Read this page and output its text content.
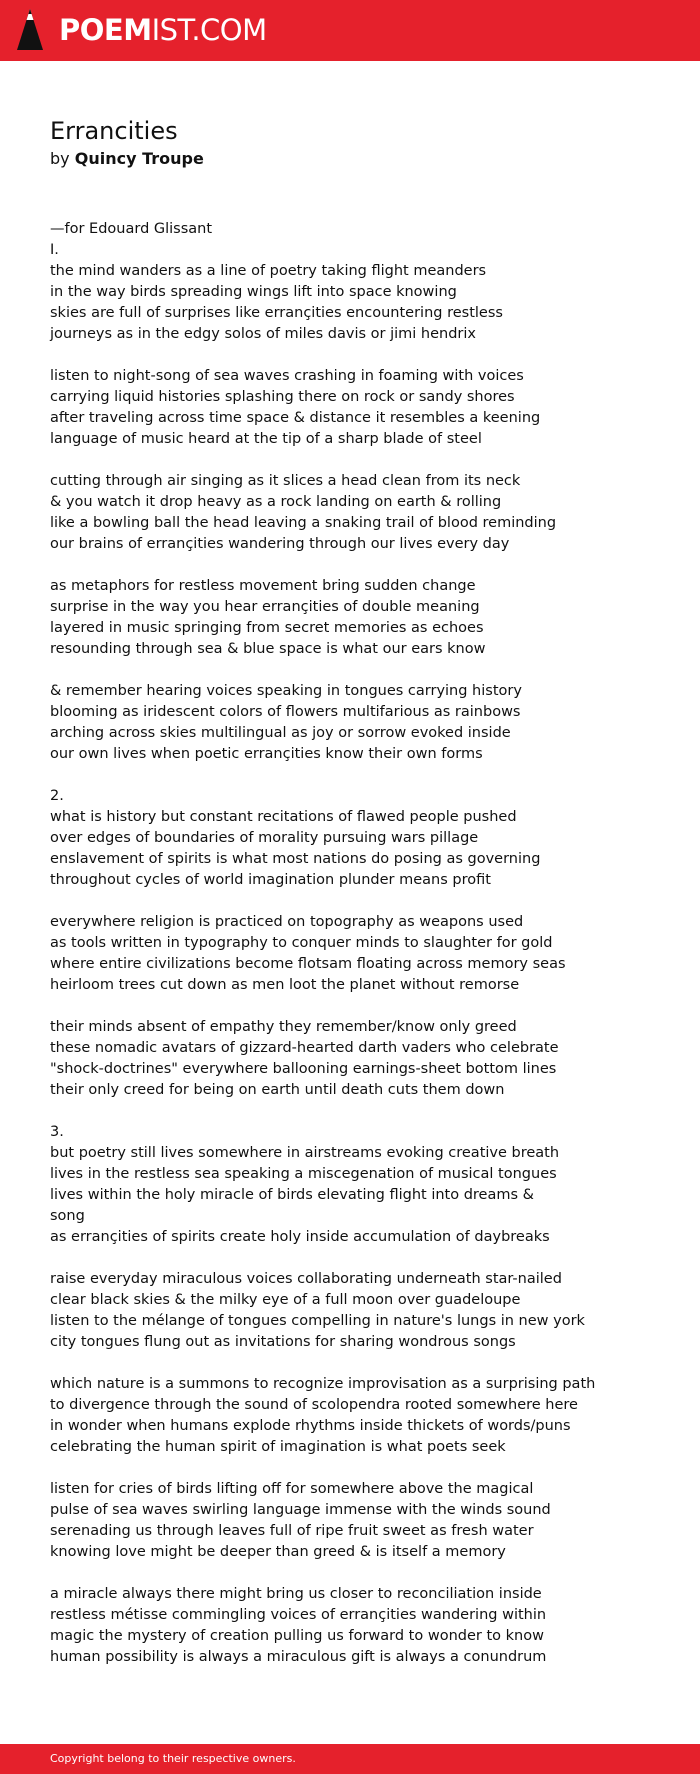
POEMIST.COM
Errancities

by Quincy Troupe

—for Edouard Glissant
I.
the mind wanders as a line of poetry taking flight meanders
in the way birds spreading wings lift into space knowing
skies are full of surprises like errançities encountering restless
journeys as in the edgy solos of miles davis or jimi hendrix
listen to night-song of sea waves crashing in foaming with voices
carrying liquid histories splashing there on rock or sandy shores
after traveling across time space & distance it resembles a keening
language of music heard at the tip of a sharp blade of steel
cutting through air singing as it slices a head clean from its neck
& you watch it drop heavy as a rock landing on earth & rolling
like a bowling ball the head leaving a snaking trail of blood reminding
our brains of errançities wandering through our lives every day
as metaphors for restless movement bring sudden change
surprise in the way you hear errançities of double meaning
layered in music springing from secret memories as echoes
resounding through sea & blue space is what our ears know
& remember hearing voices speaking in tongues carrying history
blooming as iridescent colors of flowers multifarious as rainbows
arching across skies multilingual as joy or sorrow evoked inside
our own lives when poetic errançities know their own forms
2.
what is history but constant recitations of flawed people pushed
over edges of boundaries of morality pursuing wars pillage
enslavement of spirits is what most nations do posing as governing
throughout cycles of world imagination plunder means profit
everywhere religion is practiced on topography as weapons used
as tools written in typography to conquer minds to slaughter for gold
where entire civilizations become flotsam floating across memory seas
heirloom trees cut down as men loot the planet without remorse
their minds absent of empathy they remember/know only greed
these nomadic avatars of gizzard-hearted darth vaders who celebrate
"shock-doctrines" everywhere ballooning earnings-sheet bottom lines
their only creed for being on earth until death cuts them down
3.
but poetry still lives somewhere in airstreams evoking creative breath
lives in the restless sea speaking a miscegenation of musical tongues
lives within the holy miracle of birds elevating flight into dreams &
song
as errançities of spirits create holy inside accumulation of daybreaks
raise everyday miraculous voices collaborating underneath star-nailed
clear black skies & the milky eye of a full moon over guadeloupe
listen to the mélange of tongues compelling in nature's lungs in new york
city tongues flung out as invitations for sharing wondrous songs
which nature is a summons to recognize improvisation as a surprising path
to divergence through the sound of scolopendra rooted somewhere here
in wonder when humans explode rhythms inside thickets of words/puns
celebrating the human spirit of imagination is what poets seek
listen for cries of birds lifting off for somewhere above the magical
pulse of sea waves swirling language immense with the winds sound
serenading us through leaves full of ripe fruit sweet as fresh water
knowing love might be deeper than greed & is itself a memory
a miracle always there might bring us closer to reconciliation inside
restless métisse commingling voices of errançities wandering within
magic the mystery of creation pulling us forward to wonder to know
human possibility is always a miraculous gift is always a conundrum
Copyright belong to their respective owners.
